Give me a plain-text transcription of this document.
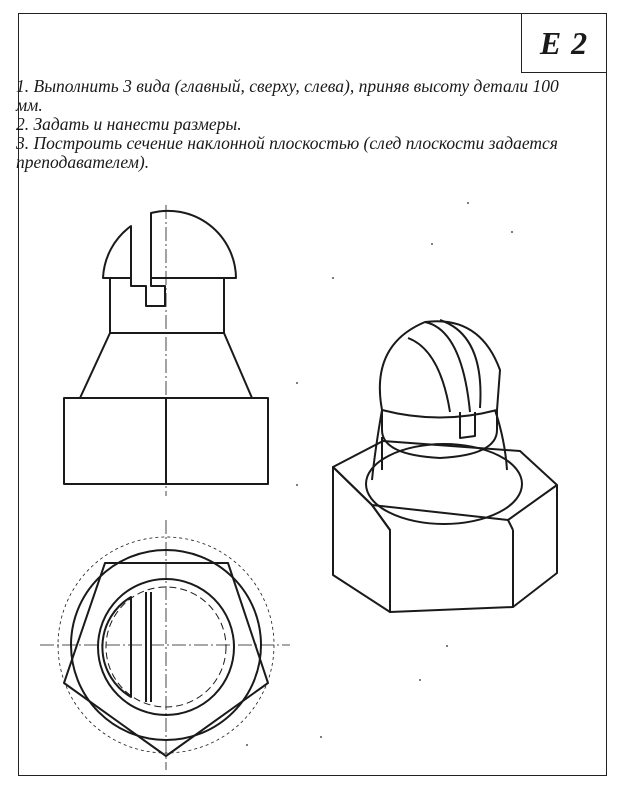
Е 2
1. Выполнить 3 вида (главный, сверху, слева), приняв высоту детали 100 мм.
2. Задать и нанести размеры.
3. Построить сечение наклонной плоскостью (след плоскости задается преподавателем).
